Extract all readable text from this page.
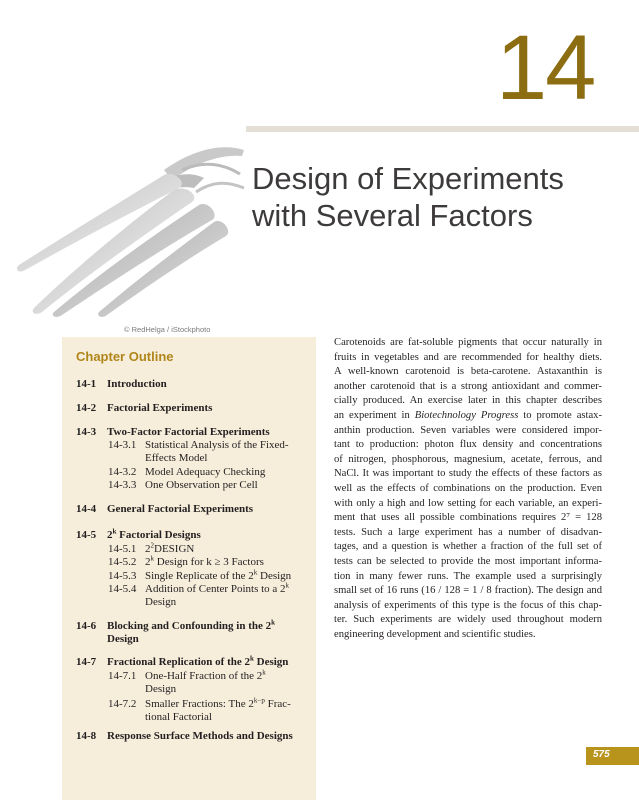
14
Design of Experiments
with Several Factors
© RedHelga / iStockphoto
Chapter Outline
14-1 Introduction
14-2 Factorial Experiments
14-3 Two-Factor Factorial Experiments
14-3.1 Statistical Analysis of the Fixed-
Effects Model
14-3.2 Model Adequacy Checking
14-3.3 One Observation per Cell
14-4 General Factorial Experiments
14-5 2$^k$ Factorial Designs
14-5.1 $2^2DESIGN$
14-5.2 2$^k$ Design for k ≥ 3 Factors
14-5.3 Single Replicate of the 2$^k$ Design
14-5.4 Addition of Center Points to a 2$^k$
Design
14-6 Blocking and Confounding in the 2$^k$
Design
14-7 Fractional Replication of the 2$^k$ Design
14-7.1 One-Half Fraction of the 2$^k$
Design
14-7.2 Smaller Fractions: The $2^{k-p}$ Frac-
tional Factorial
14-8 Response Surface Methods and Designs
Carotenoids are fat-soluble pigments that occur naturally in
fruits in vegetables and are recommended for healthy diets.
A well-known carotenoid is beta-carotene. Astaxanthin is
another carotenoid that is a strong antioxidant and commer-
cially produced. An exercise later in this chapter describes
an experiment in Biotechnology Progress to promote astax-
anthin production. Seven variables were considered impor-
tant to production: photon flux density and concentrations
of nitrogen, phosphorous, magnesium, acetate, ferrous, and
NaCl. It was important to study the effects of these factors as
well as the effects of combinations on the production. Even
with only a high and low setting for each variable, an experi-
ment that uses all possible combinations requires 2⁷ = 128
tests. Such a large experiment has a number of disadvan-
tages, and a question is whether a fraction of the full set of
tests can be selected to provide the most important informa-
tion in many fewer runs. The example used a surprisingly
small set of 16 runs (16 / 128 = 1 / 8 fraction). The design and
analysis of experiments of this type is the focus of this chap-
ter. Such experiments are widely used throughout modern
engineering development and scientific studies.
575
